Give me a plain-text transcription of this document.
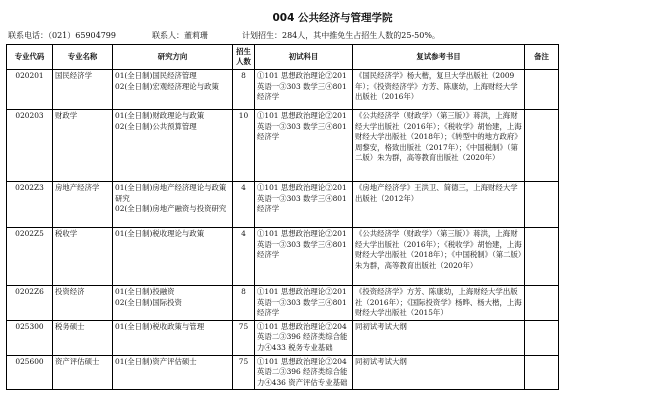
004 公共经济与管理学院
联系电话：（021）65904799	联系人：董莉珊	计划招生：284人，其中推免生占招生人数的25-50%。
专业代码	专业名称	研究方向	招生人数	初试科目	复试参考书目	备注
020201	国民经济学	01(全日制)国民经济管理
02(全日制)宏观经济理论与政策	8	①101 思想政治理论②201英语一③303 数学三④801经济学	《国民经济学》杨大楷，复旦大学出版社（2009年）；《投资经济学》方芳、陈康幼，上海财经大学出版社（2016年）	
020203	财政学	01(全日制)财政理论与政策
02(全日制)公共预算管理	10	①101 思想政治理论②201英语一③303 数学三④801经济学	《公共经济学（财政学）（第三版）》蒋洪，上海财经大学出版社（2016年）；《税收学》胡怡建，上海财经大学出版社（2018年）；《转型中的地方政府》周黎安，格致出版社（2017年）；《中国税制》（第二版）朱为群，高等教育出版社（2020年）	
0202Z3	房地产经济学	01(全日制)房地产经济理论与政策研究
02(全日制)房地产融资与投资研究	4	①101 思想政治理论②201英语一③303 数学三④801经济学	《房地产经济学》王洪卫、简德三，上海财经大学出版社（2012年）	
0202Z5	税收学	01(全日制)税收理论与政策	4	①101 思想政治理论②201英语一③303 数学三④801经济学	《公共经济学（财政学）（第三版）》蒋洪，上海财经大学出版社（2016年）；《税收学》胡怡建，上海财经大学出版社（2018年）；《中国税制》（第二版）朱为群，高等教育出版社（2020年）	
0202Z6	投资经济	01(全日制)投融资
02(全日制)国际投资	8	①101 思想政治理论②201英语一③303 数学三④801经济学	《投资经济学》方芳、陈康幼，上海财经大学出版社（2016年）；《国际投资学》杨晔、杨大楷，上海财经大学出版社（2015年）	
025300	税务硕士	01(全日制)税收政策与管理	75	①101 思想政治理论②204英语二③396 经济类综合能力④433 税务专业基础	同初试考试大纲	
025600	资产评估硕士	01(全日制)资产评估硕士	75	①101 思想政治理论②204英语二③396 经济类综合能力④436 资产评估专业基础	同初试考试大纲	
